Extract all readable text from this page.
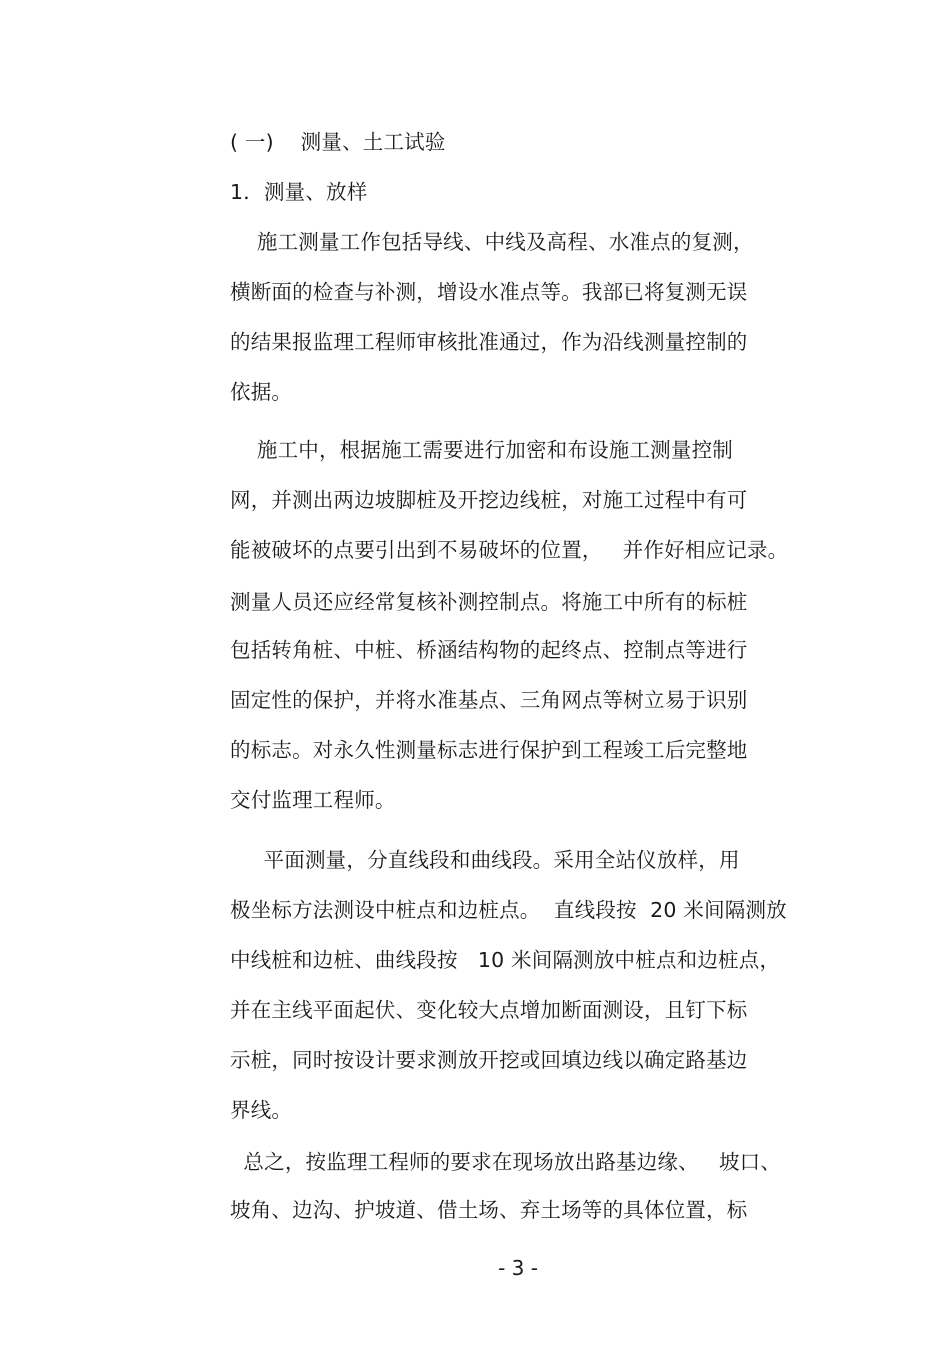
( 一)    测量、土工试验
1．测量、放样
施工测量工作包括导线、中线及高程、水准点的复测，
横断面的检查与补测，增设水准点等。我部已将复测无误
的结果报监理工程师审核批准通过，作为沿线测量控制的
依据。
施工中，根据施工需要进行加密和布设施工测量控制
网，并测出两边坡脚桩及开挖边线桩，对施工过程中有可
能被破坏的点要引出到不易破坏的位置，   并作好相应记录。
测量人员还应经常复核补测控制点。将施工中所有的标桩
包括转角桩、中桩、桥涵结构物的起终点、控制点等进行
固定性的保护，并将水准基点、三角网点等树立易于识别
的标志。对永久性测量标志进行保护到工程竣工后完整地
交付监理工程师。
平面测量，分直线段和曲线段。采用全站仪放样，用
极坐标方法测设中桩点和边桩点。  直线段按  20 米间隔测放
中线桩和边桩、曲线段按   10 米间隔测放中桩点和边桩点，
并在主线平面起伏、变化较大点增加断面测设，且钉下标
示桩，同时按设计要求测放开挖或回填边线以确定路基边
界线。
总之，按监理工程师的要求在现场放出路基边缘、   坡口、
坡角、边沟、护坡道、借土场、弃土场等的具体位置，标
- 3 -
